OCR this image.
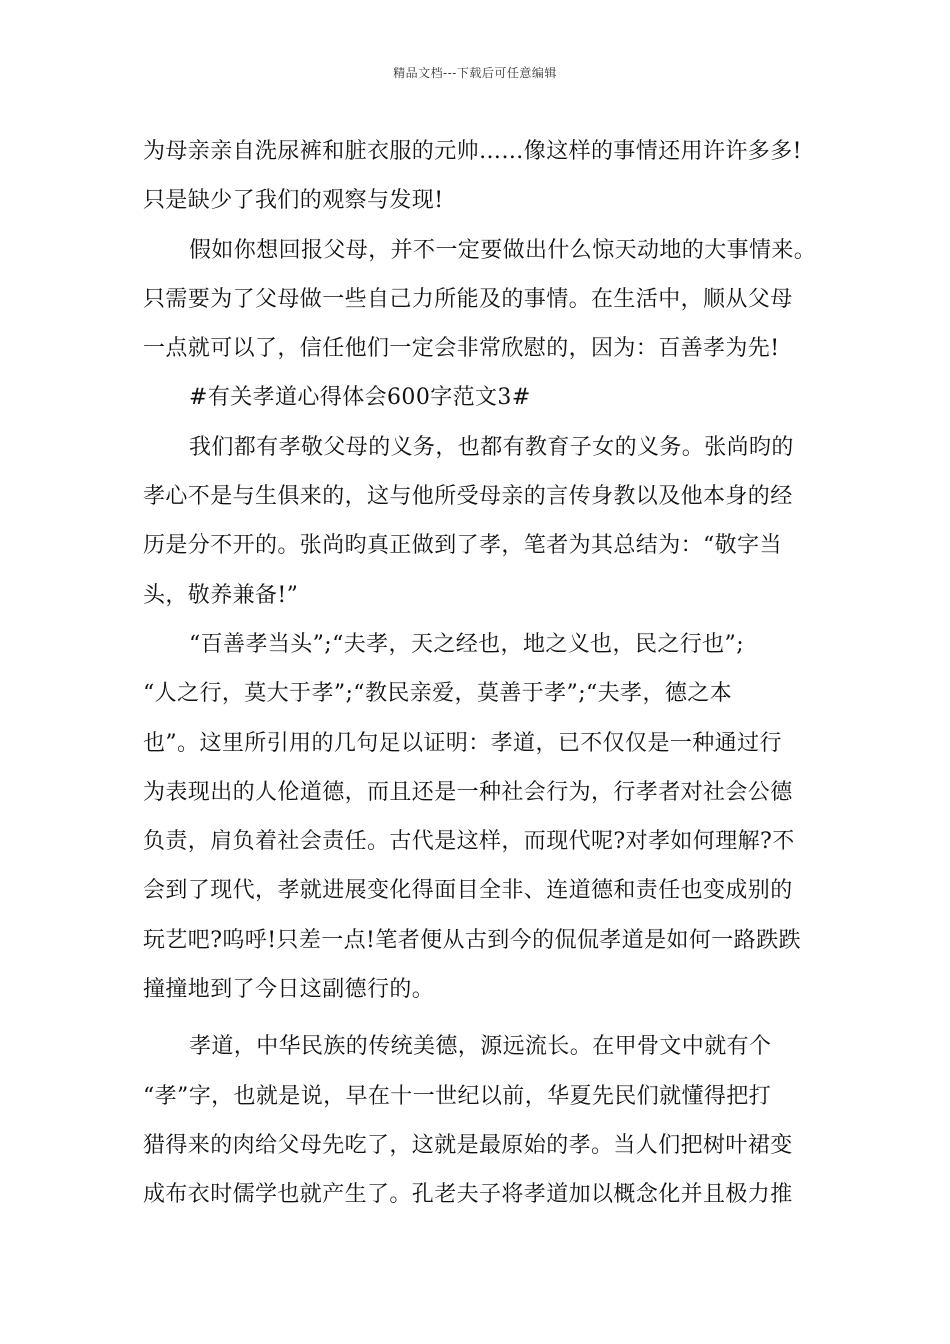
精品文档---下载后可任意编辑
为母亲亲自洗尿裤和脏衣服的元帅……像这样的事情还用许许多多!
只是缺少了我们的观察与发现!
假如你想回报父母，并不一定要做出什么惊天动地的大事情来。
只需要为了父母做一些自己力所能及的事情。在生活中，顺从父母
一点就可以了，信任他们一定会非常欣慰的，因为：百善孝为先!
#有关孝道心得体会600字范文3#
我们都有孝敬父母的义务，也都有教育子女的义务。张尚昀的
孝心不是与生俱来的，这与他所受母亲的言传身教以及他本身的经
历是分不开的。张尚昀真正做到了孝，笔者为其总结为：“敬字当
头，敬养兼备!”
“百善孝当头”;“夫孝，天之经也，地之义也，民之行也”;
“人之行，莫大于孝”;“教民亲爱，莫善于孝”;“夫孝，德之本
也”。这里所引用的几句足以证明：孝道，已不仅仅是一种通过行
为表现出的人伦道德，而且还是一种社会行为，行孝者对社会公德
负责，肩负着社会责任。古代是这样，而现代呢?对孝如何理解?不
会到了现代，孝就进展变化得面目全非、连道德和责任也变成别的
玩艺吧?呜呼!只差一点!笔者便从古到今的侃侃孝道是如何一路跌跌
撞撞地到了今日这副德行的。
孝道，中华民族的传统美德，源远流长。在甲骨文中就有个
“孝”字，也就是说，早在十一世纪以前，华夏先民们就懂得把打
猎得来的肉给父母先吃了，这就是最原始的孝。当人们把树叶裙变
成布衣时儒学也就产生了。孔老夫子将孝道加以概念化并且极力推
